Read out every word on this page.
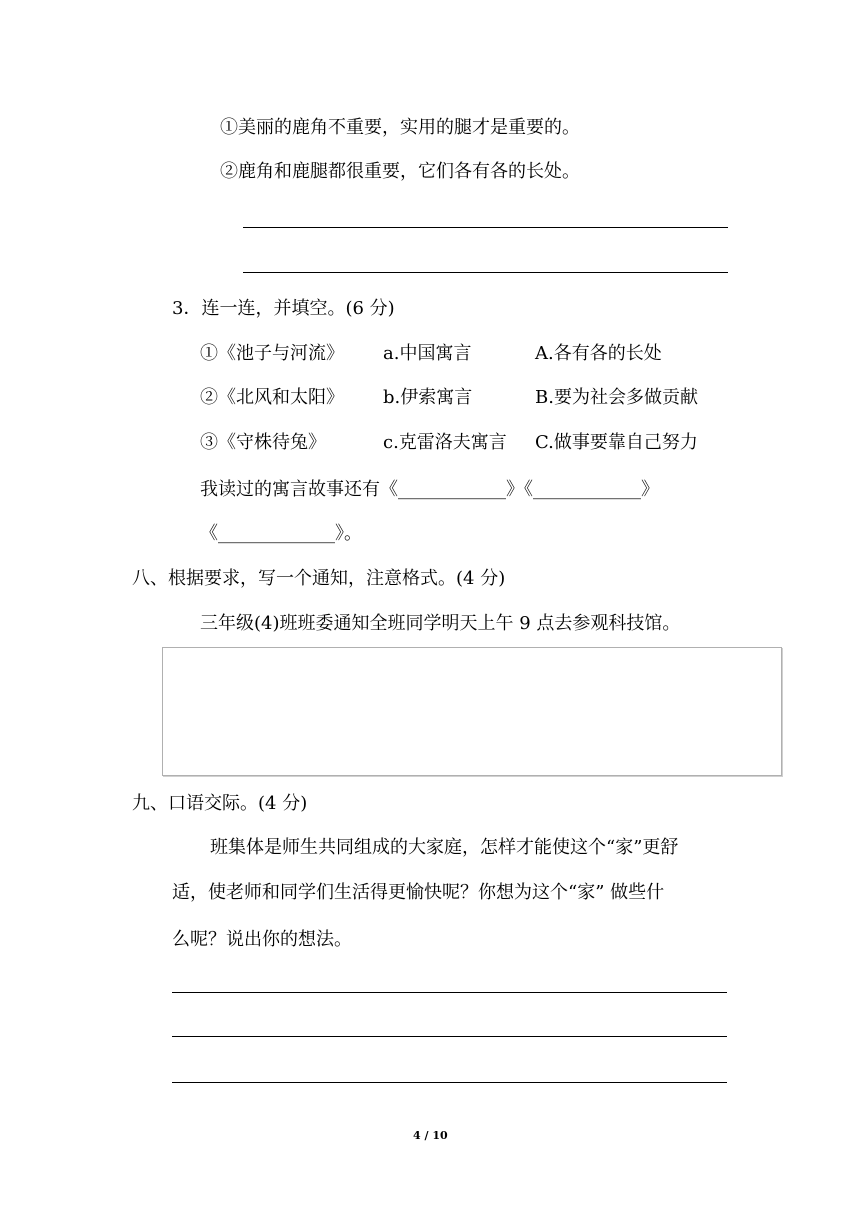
①美丽的鹿角不重要，实用的腿才是重要的。
②鹿角和鹿腿都很重要，它们各有各的长处。
3．连一连，并填空。(6 分)
①《池子与河流》 a.中国寓言	A.各有各的长处
②《北风和太阳》 b.伊索寓言	B.要为社会多做贡献
③《守株待兔》	c.克雷洛夫寓言 C.做事要靠自己努力
我读过的寓言故事还有《____________》《____________》
《_____________》。
八、根据要求，写一个通知，注意格式。(4 分)
三年级(4)班班委通知全班同学明天上午 9 点去参观科技馆。
九、口语交际。(4 分)
班集体是师生共同组成的大家庭，怎样才能使这个“家”更舒
适，使老师和同学们生活得更愉快呢？你想为这个“家” 做些什
么呢？说出你的想法。
4 / 10
